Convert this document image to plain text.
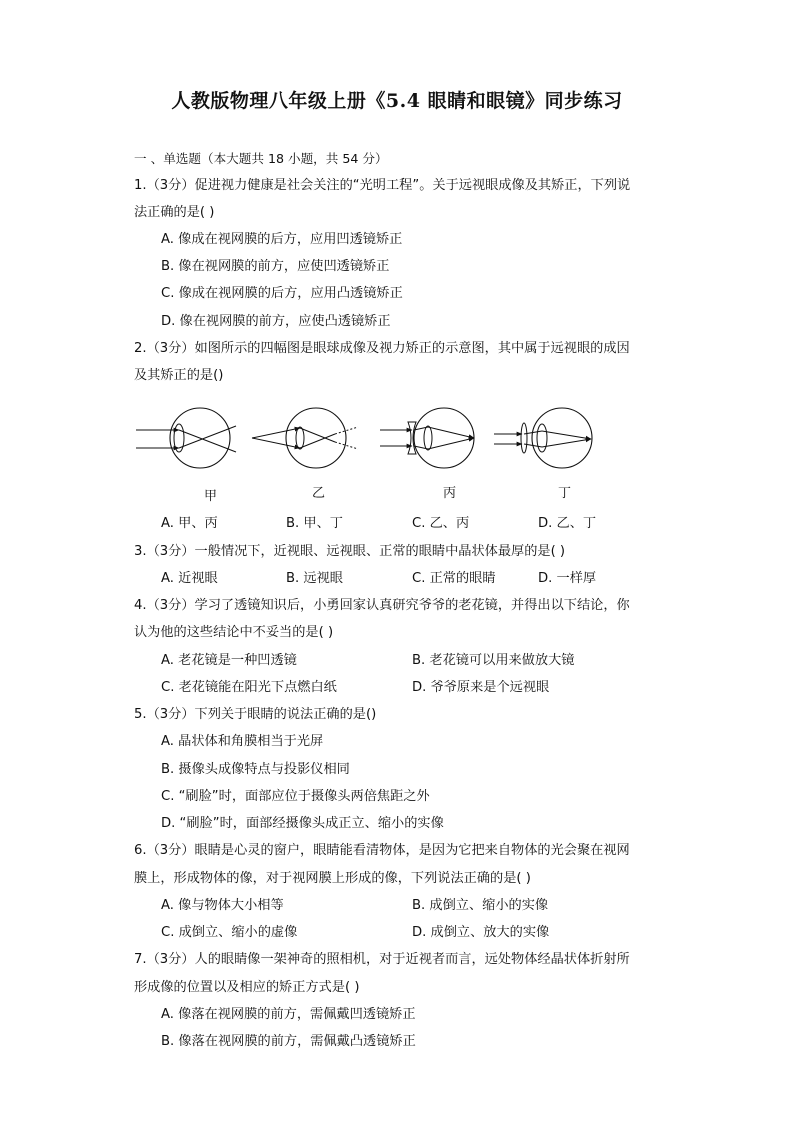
人教版物理八年级上册《5.4 眼睛和眼镜》同步练习
一 、单选题（本大题共 18 小题，共 54 分）
1.（3分）促进视力健康是社会关注的“光明工程”。关于远视眼成像及其矫正，下列说
法正确的是( )
A. 像成在视网膜的后方，应用凹透镜矫正
B. 像在视网膜的前方，应使凹透镜矫正
C. 像成在视网膜的后方，应用凸透镜矫正
D. 像在视网膜的前方，应使凸透镜矫正
2.（3分）如图所示的四幅图是眼球成像及视力矫正的示意图，其中属于远视眼的成因
及其矫正的是()
甲	乙	丙	丁
A. 甲、丙	B. 甲、丁	C. 乙、丙	D. 乙、丁
3.（3分）一般情况下，近视眼、远视眼、正常的眼睛中晶状体最厚的是( )
A. 近视眼	B. 远视眼	C. 正常的眼睛	D. 一样厚
4.（3分）学习了透镜知识后，小勇回家认真研究爷爷的老花镜，并得出以下结论，你
认为他的这些结论中不妥当的是( )
A. 老花镜是一种凹透镜	B. 老花镜可以用来做放大镜
C. 老花镜能在阳光下点燃白纸	D. 爷爷原来是个远视眼
5.（3分）下列关于眼睛的说法正确的是()
A. 晶状体和角膜相当于光屏
B. 摄像头成像特点与投影仪相同
C. “刷脸”时，面部应位于摄像头两倍焦距之外
D. “刷脸”时，面部经摄像头成正立、缩小的实像
6.（3分）眼睛是心灵的窗户，眼睛能看清物体，是因为它把来自物体的光会聚在视网
膜上，形成物体的像，对于视网膜上形成的像，下列说法正确的是( )
A. 像与物体大小相等	B. 成倒立、缩小的实像
C. 成倒立、缩小的虚像	D. 成倒立、放大的实像
7.（3分）人的眼睛像一架神奇的照相机，对于近视者而言，远处物体经晶状体折射所
形成像的位置以及相应的矫正方式是( )
A. 像落在视网膜的前方，需佩戴凹透镜矫正
B. 像落在视网膜的前方，需佩戴凸透镜矫正
